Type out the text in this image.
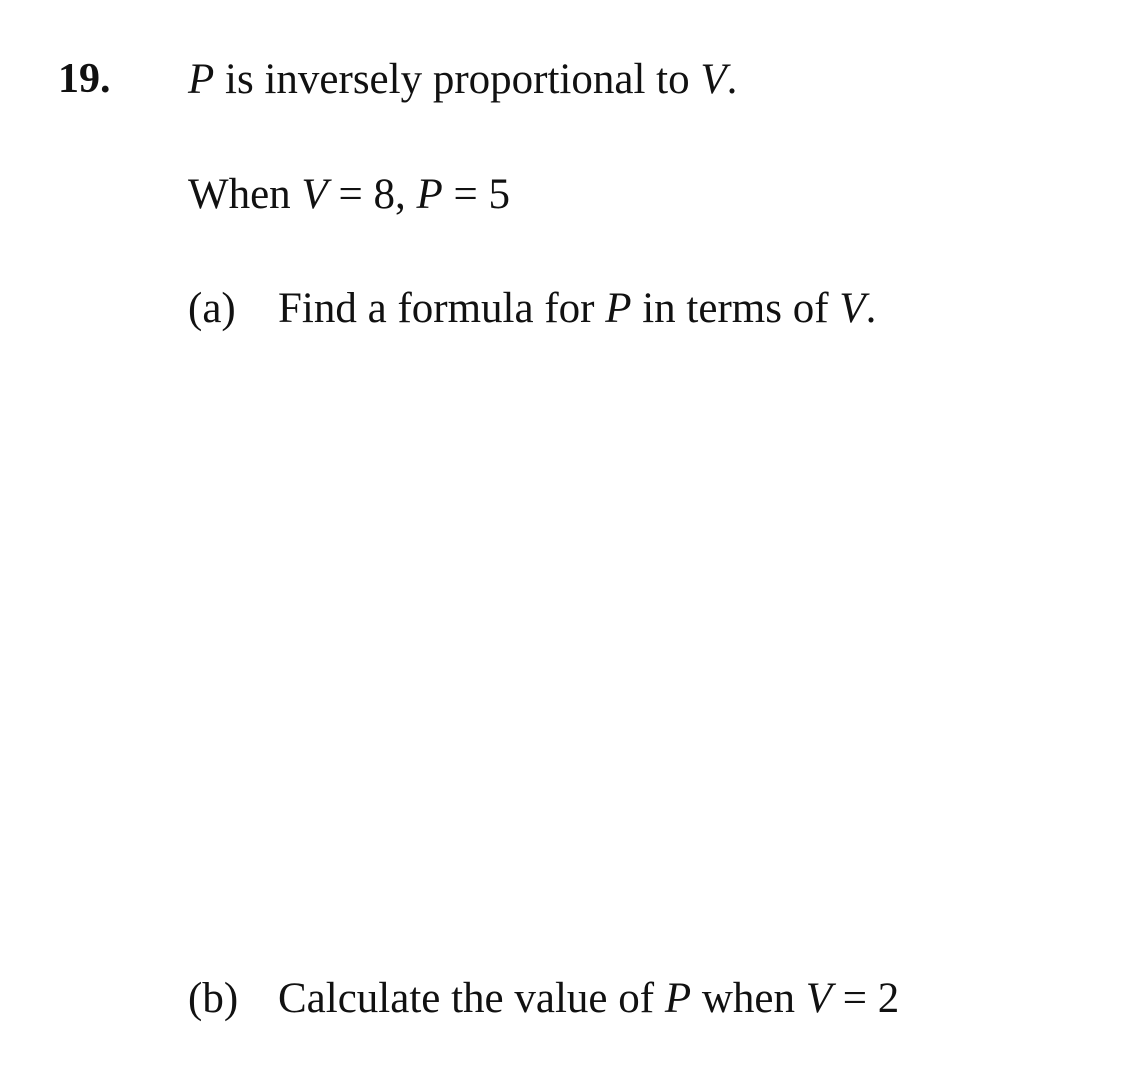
19. P is inversely proportional to V.
When V = 8, P = 5
(a) Find a formula for P in terms of V.
(b) Calculate the value of P when V = 2
